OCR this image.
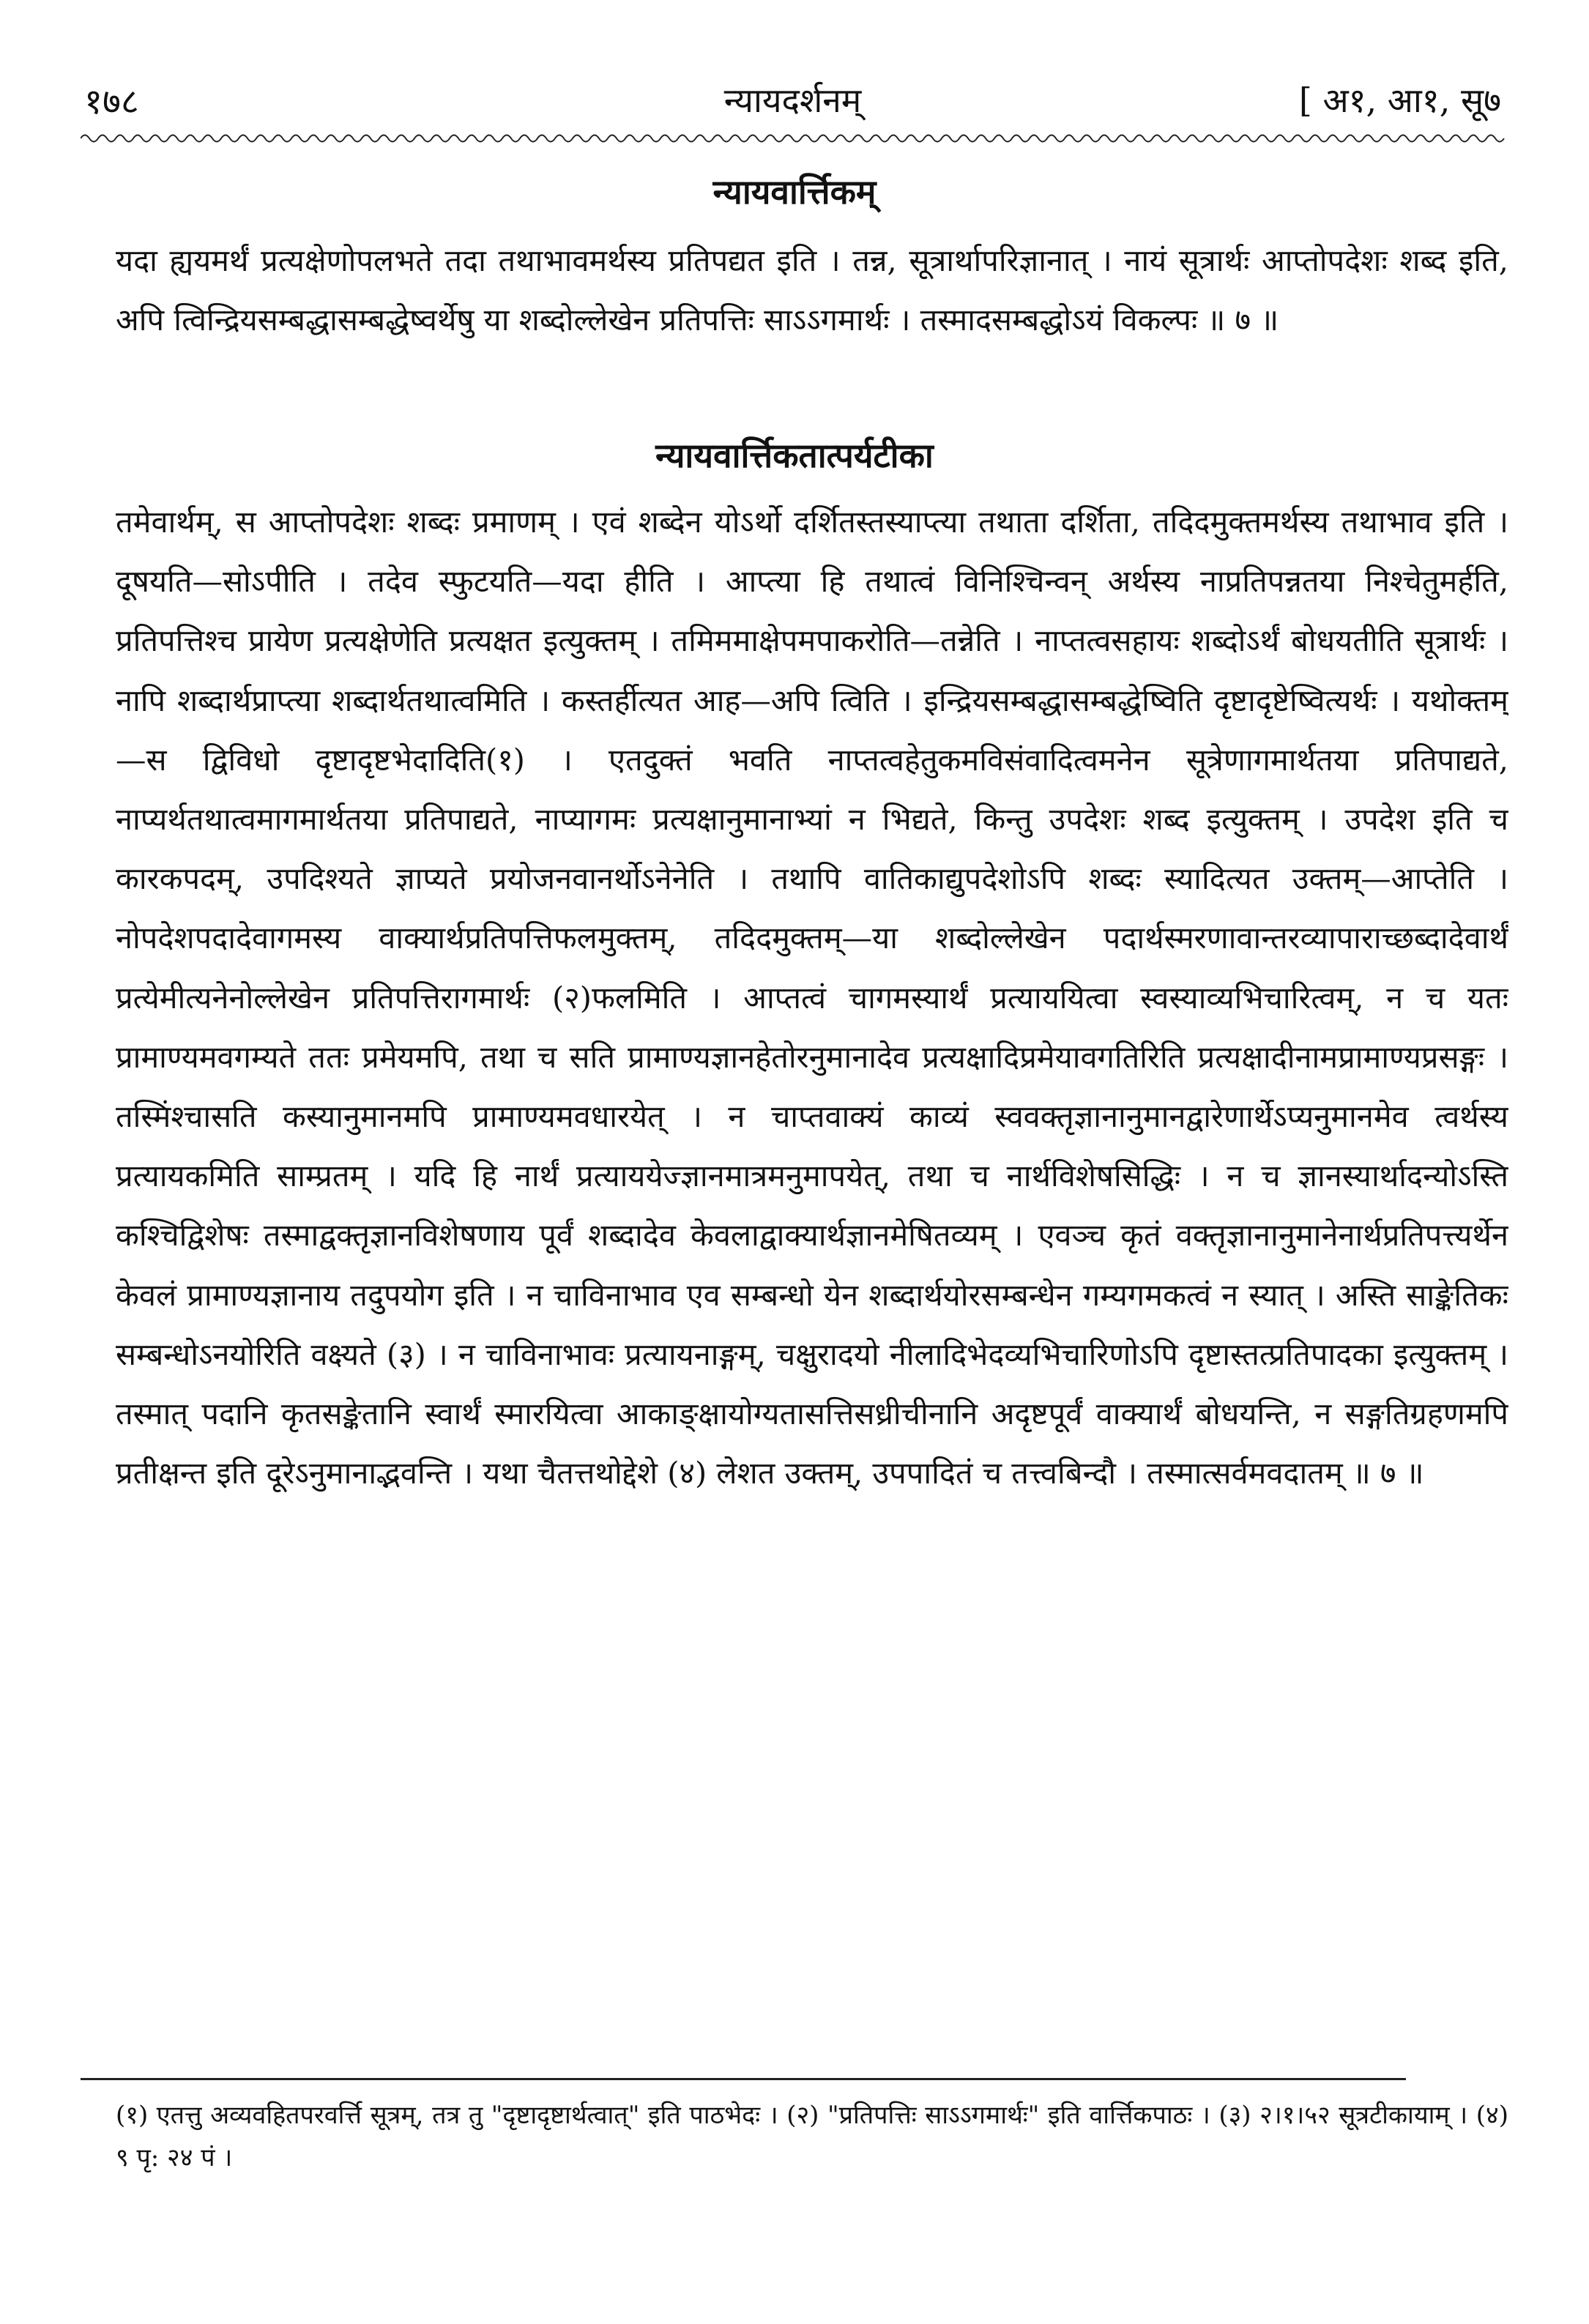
१७८	न्यायदर्शनम्	[ अ१, आ१, सू७
न्यायवार्त्तिकम्

यदा ह्ययमर्थं प्रत्यक्षेणोपलभते तदा तथाभावमर्थस्य प्रतिपद्यत इति । तन्न, सूत्रार्थापरिज्ञानात् । नायं सूत्रार्थः आप्तोपदेशः शब्द इति, अपि त्विन्द्रियसम्बद्धासम्बद्धेष्वर्थेषु या शब्दोल्लेखेन प्रतिपत्तिः साऽऽगमार्थः । तस्मादसम्बद्धोऽयं विकल्पः ॥ ७ ॥

न्यायवार्त्तिकतात्पर्यटीका

तमेवार्थम्, स आप्तोपदेशः शब्दः प्रमाणम् । एवं शब्देन योऽर्थो दर्शितस्तस्याप्त्या तथाता दर्शिता, तदिदमुक्तमर्थस्य तथाभाव इति । दूषयति—सोऽपीति । तदेव स्फुटयति—यदा हीति । आप्त्या हि तथात्वं विनिश्चिन्वन् अर्थस्य नाप्रतिपन्नतया निश्चेतुमर्हति, प्रतिपत्तिश्च प्रायेण प्रत्यक्षेणेति प्रत्यक्षत इत्युक्तम् । तमिममाक्षेपमपाकरोति—तन्नेति । नाप्तत्वसहायः शब्दोऽर्थं बोधयतीति सूत्रार्थः । नापि शब्दार्थप्राप्त्या शब्दार्थतथात्वमिति । कस्तर्हीत्यत आह—अपि त्विति । इन्द्रियसम्बद्धासम्बद्धेष्विति दृष्टादृष्टेष्वित्यर्थः । यथोक्तम्—स द्विविधो दृष्टादृष्टभेदादिति(१) । एतदुक्तं भवति नाप्तत्वहेतुकमविसंवादित्वमनेन सूत्रेणागमार्थतया प्रतिपाद्यते, नाप्यर्थतथात्वमागमार्थतया प्रतिपाद्यते, नाप्यागमः प्रत्यक्षानुमानाभ्यां न भिद्यते, किन्तु उपदेशः शब्द इत्युक्तम् । उपदेश इति च कारकपदम्, उपदिश्यते ज्ञाप्यते प्रयोजनवानर्थोऽनेनेति । तथापि वातिकाद्युपदेशोऽपि शब्दः स्यादित्यत उक्तम्—आप्तेति । नोपदेशपदादेवागमस्य वाक्यार्थप्रतिपत्तिफलमुक्तम्, तदिदमुक्तम्—या शब्दोल्लेखेन पदार्थस्मरणावान्तरव्यापाराच्छब्दादेवार्थं प्रत्येमीत्यनेनोल्लेखेन प्रतिपत्तिरागमार्थः (२)फलमिति । आप्तत्वं चागमस्यार्थं प्रत्याययित्वा स्वस्याव्यभिचारित्वम्, न च यतः प्रामाण्यमवगम्यते ततः प्रमेयमपि, तथा च सति प्रामाण्यज्ञानहेतोरनुमानादेव प्रत्यक्षादिप्रमेयावगतिरिति प्रत्यक्षादीनामप्रामाण्यप्रसङ्गः । तस्मिंश्चासति कस्यानुमानमपि प्रामाण्यमवधारयेत् । न चाप्तवाक्यं काव्यं स्ववक्तृज्ञानानुमानद्वारेणार्थेऽप्यनुमानमेव त्वर्थस्य प्रत्यायकमिति साम्प्रतम् । यदि हि नार्थं प्रत्याययेज्ज्ञानमात्रमनुमापयेत्, तथा च नार्थविशेषसिद्धिः । न च ज्ञानस्यार्थादन्योऽस्ति कश्चिद्विशेषः तस्माद्वक्तृज्ञानविशेषणाय पूर्वं शब्दादेव केवलाद्वाक्यार्थज्ञानमेषितव्यम् । एवञ्च कृतं वक्तृज्ञानानुमानेनार्थप्रतिपत्त्यर्थेन केवलं प्रामाण्यज्ञानाय तदुपयोग इति । न चाविनाभाव एव सम्बन्धो येन शब्दार्थयोरसम्बन्धेन गम्यगमकत्वं न स्यात् । अस्ति साङ्केतिकः सम्बन्धोऽनयोरिति वक्ष्यते (३) । न चाविनाभावः प्रत्यायनाङ्गम्, चक्षुरादयो नीलादिभेदव्यभिचारिणोऽपि दृष्टास्तत्प्रतिपादका इत्युक्तम् । तस्मात् पदानि कृतसङ्केतानि स्वार्थं स्मारयित्वा आकाङ्क्षायोग्यतासत्तिसध्रीचीनानि अदृष्टपूर्वं वाक्यार्थं बोधयन्ति, न सङ्गतिग्रहणमपि प्रतीक्षन्त इति दूरेऽनुमानाद्भवन्ति । यथा चैतत्तथोद्देशे (४) लेशत उक्तम्, उपपादितं च तत्त्वबिन्दौ । तस्मात्सर्वमवदातम् ॥ ७ ॥

(१) एतत्तु अव्यवहितपरवर्त्ति सूत्रम्, तत्र तु "दृष्टादृष्टार्थत्वात्" इति पाठभेदः । (२) "प्रतिपत्तिः साऽऽगमार्थः" इति वार्त्तिकपाठः । (३) २।१।५२ सूत्रटीकायाम् । (४) ९ पृ: २४ पं ।
